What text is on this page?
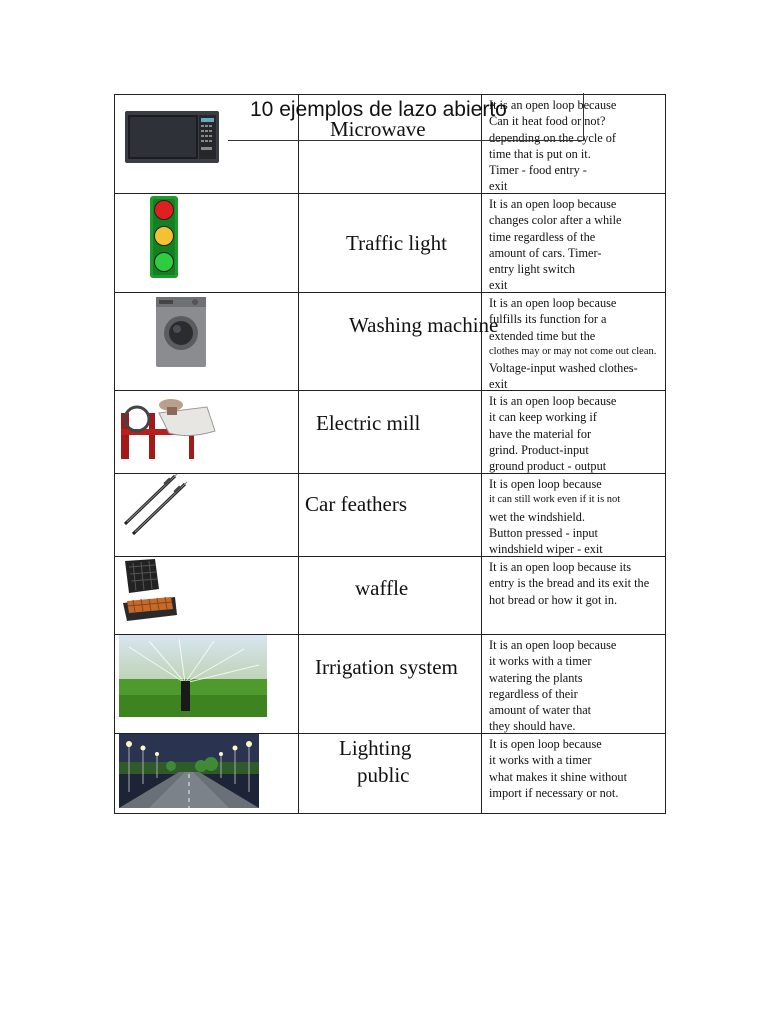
Microwave
It is an open loop because
Can it heat food or not?
depending on the cycle of
time that is put on it.
Timer - food entry -
exit
Traffic light
It is an open loop because
changes color after a while
time regardless of the
amount of cars. Timer-
entry light switch
exit
Washing machine
It is an open loop because
fulfills its function for a
extended time but the
clothes may or may not come out clean.
Voltage-input washed clothes-
exit
Electric mill
It is an open loop because
it can keep working if
have the material for
grind. Product-input
ground product - output
Car feathers
It is open loop because
it can still work even if it is not
wet the windshield.
Button pressed - input
windshield wiper - exit
waffle
It is an open loop because its
entry is the bread and its exit the
hot bread or how it got in.
Irrigation system
It is an open loop because
it works with a timer
watering the plants
regardless of their
amount of water that
they should have.
Lighting
public
It is open loop because
it works with a timer
what makes it shine without
import if necessary or not.
10 ejemplos de lazo abierto
